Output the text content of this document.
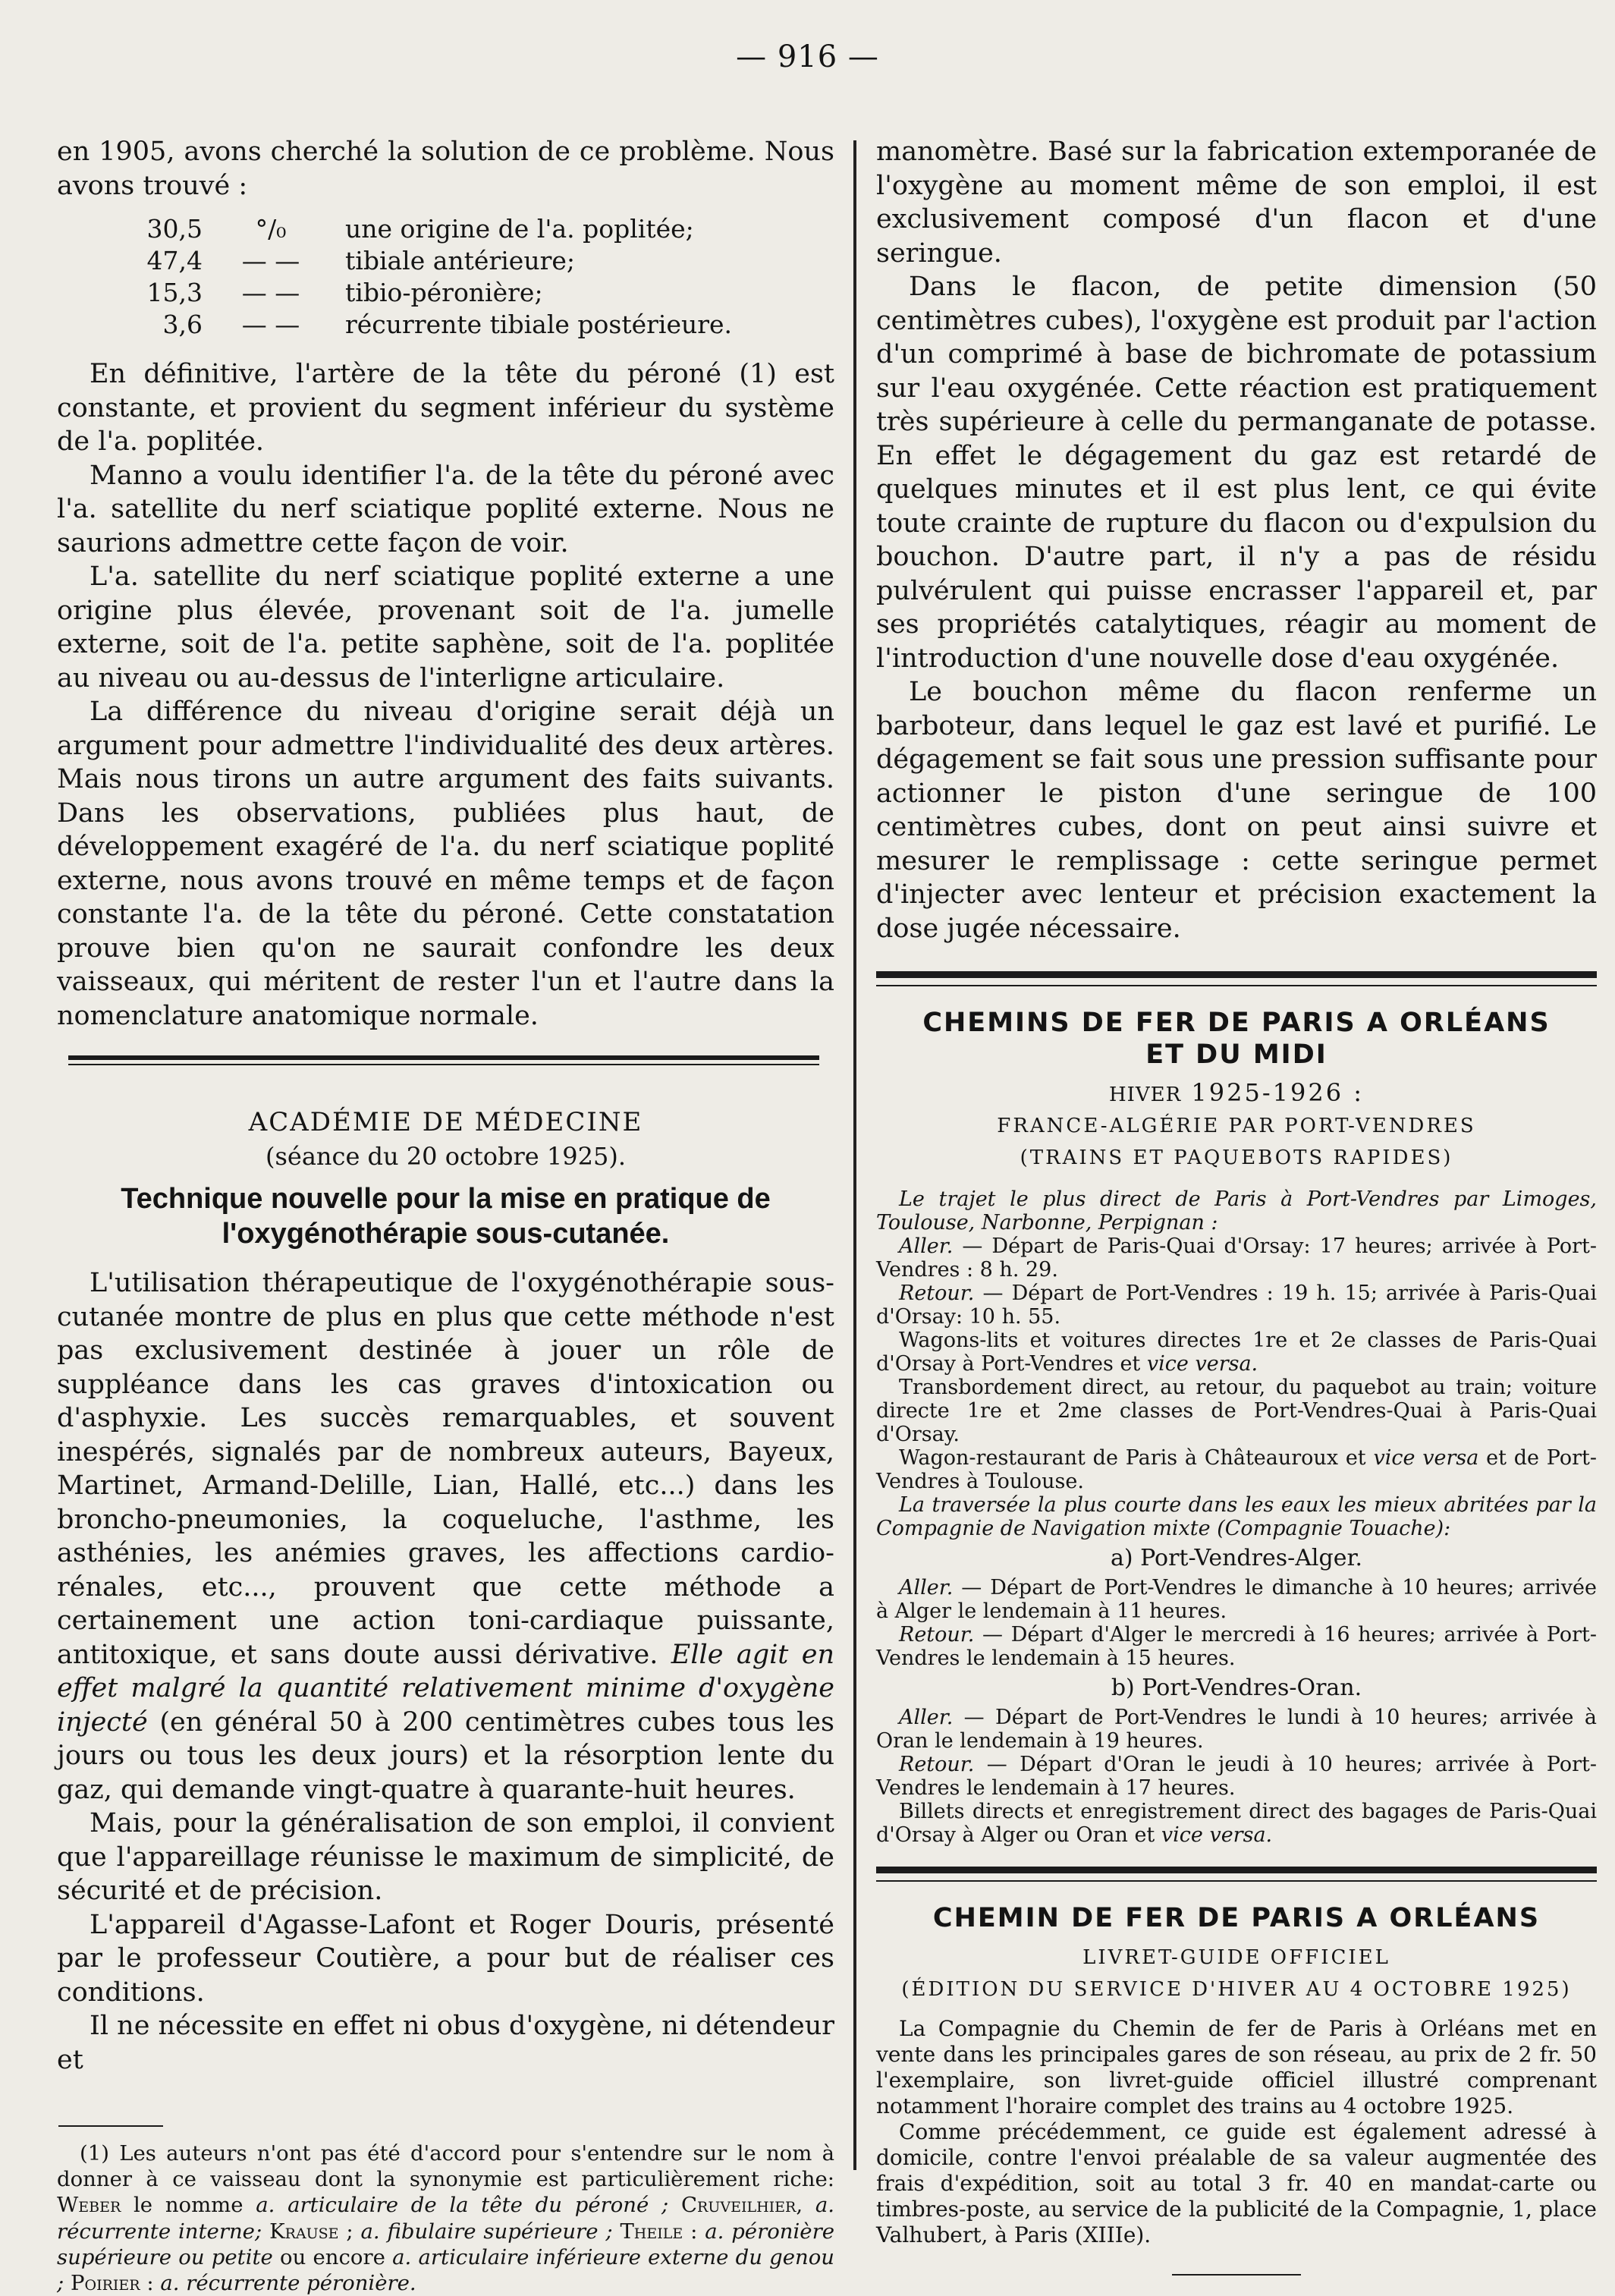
— 916 —

en 1905, avons cherché la solution de ce problème. Nous avons trouvé :

30,5	°/₀	une origine de l'a. poplitée;
47,4	— —	tibiale antérieure;
15,3	— —	tibio-péronière;
3,6	— —	récurrente tibiale postérieure.

En définitive, l'artère de la tête du péroné (1) est constante, et provient du segment inférieur du système de l'a. poplitée.

Manno a voulu identifier l'a. de la tête du péroné avec l'a. satellite du nerf sciatique poplité externe. Nous ne saurions admettre cette façon de voir.

L'a. satellite du nerf sciatique poplité externe a une origine plus élevée, provenant soit de l'a. jumelle externe, soit de l'a. petite saphène, soit de l'a. poplitée au niveau ou au-dessus de l'interligne articulaire.

La différence du niveau d'origine serait déjà un argument pour admettre l'individualité des deux artères. Mais nous tirons un autre argument des faits suivants. Dans les observations, publiées plus haut, de développement exagéré de l'a. du nerf sciatique poplité externe, nous avons trouvé en même temps et de façon constante l'a. de la tête du péroné. Cette constatation prouve bien qu'on ne saurait confondre les deux vaisseaux, qui méritent de rester l'un et l'autre dans la nomenclature anatomique normale.

ACADÉMIE DE MÉDECINE

(séance du 20 octobre 1925).

Technique nouvelle pour la mise en pratique de l'oxygénothérapie sous-cutanée.

L'utilisation thérapeutique de l'oxygénothérapie sous-cutanée montre de plus en plus que cette méthode n'est pas exclusivement destinée à jouer un rôle de suppléance dans les cas graves d'intoxication ou d'asphyxie. Les succès remarquables, et souvent inespérés, signalés par de nombreux auteurs, Bayeux, Martinet, Armand-Delille, Lian, Hallé, etc...) dans les broncho-pneumonies, la coqueluche, l'asthme, les asthénies, les anémies graves, les affections cardio-rénales, etc..., prouvent que cette méthode a certainement une action toni-cardiaque puissante, antitoxique, et sans doute aussi dérivative. Elle agit en effet malgré la quantité relativement minime d'oxygène injecté (en général 50 à 200 centimètres cubes tous les jours ou tous les deux jours) et la résorption lente du gaz, qui demande vingt-quatre à quarante-huit heures.

Mais, pour la généralisation de son emploi, il convient que l'appareillage réunisse le maximum de simplicité, de sécurité et de précision.

L'appareil d'Agasse-Lafont et Roger Douris, présenté par le professeur Coutière, a pour but de réaliser ces conditions.

Il ne nécessite en effet ni obus d'oxygène, ni détendeur et

(1) Les auteurs n'ont pas été d'accord pour s'entendre sur le nom à donner à ce vaisseau dont la synonymie est particulièrement riche: Weber le nomme a. articulaire de la tête du péroné ; Cruveilhier, a. récurrente interne; Krause ; a. fibulaire supérieure ; Theile : a. péronière supérieure ou petite ou encore a. articulaire inférieure externe du genou ; Poirier : a. récurrente péronière.

manomètre. Basé sur la fabrication extemporanée de l'oxygène au moment même de son emploi, il est exclusivement composé d'un flacon et d'une seringue.

Dans le flacon, de petite dimension (50 centimètres cubes), l'oxygène est produit par l'action d'un comprimé à base de bichromate de potassium sur l'eau oxygénée. Cette réaction est pratiquement très supérieure à celle du permanganate de potasse. En effet le dégagement du gaz est retardé de quelques minutes et il est plus lent, ce qui évite toute crainte de rupture du flacon ou d'expulsion du bouchon. D'autre part, il n'y a pas de résidu pulvérulent qui puisse encrasser l'appareil et, par ses propriétés catalytiques, réagir au moment de l'introduction d'une nouvelle dose d'eau oxygénée.

Le bouchon même du flacon renferme un barboteur, dans lequel le gaz est lavé et purifié. Le dégagement se fait sous une pression suffisante pour actionner le piston d'une seringue de 100 centimètres cubes, dont on peut ainsi suivre et mesurer le remplissage : cette seringue permet d'injecter avec lenteur et précision exactement la dose jugée nécessaire.

CHEMINS DE FER DE PARIS A ORLÉANS

ET DU MIDI

HIVER 1925-1926 :

FRANCE-ALGÉRIE PAR PORT-VENDRES

(TRAINS ET PAQUEBOTS RAPIDES)

Le trajet le plus direct de Paris à Port-Vendres par Limoges, Toulouse, Narbonne, Perpignan :

Aller. — Départ de Paris-Quai d'Orsay: 17 heures; arrivée à Port-Vendres : 8 h. 29.

Retour. — Départ de Port-Vendres : 19 h. 15; arrivée à Paris-Quai d'Orsay: 10 h. 55.

Wagons-lits et voitures directes 1re et 2e classes de Paris-Quai d'Orsay à Port-Vendres et vice versa.

Transbordement direct, au retour, du paquebot au train; voiture directe 1re et 2me classes de Port-Vendres-Quai à Paris-Quai d'Orsay.

Wagon-restaurant de Paris à Châteauroux et vice versa et de Port-Vendres à Toulouse.

La traversée la plus courte dans les eaux les mieux abritées par la Compagnie de Navigation mixte (Compagnie Touache):

a) Port-Vendres-Alger.

Aller. — Départ de Port-Vendres le dimanche à 10 heures; arrivée à Alger le lendemain à 11 heures.

Retour. — Départ d'Alger le mercredi à 16 heures; arrivée à Port-Vendres le lendemain à 15 heures.

b) Port-Vendres-Oran.

Aller. — Départ de Port-Vendres le lundi à 10 heures; arrivée à Oran le lendemain à 19 heures.

Retour. — Départ d'Oran le jeudi à 10 heures; arrivée à Port-Vendres le lendemain à 17 heures.

Billets directs et enregistrement direct des bagages de Paris-Quai d'Orsay à Alger ou Oran et vice versa.

CHEMIN DE FER DE PARIS A ORLÉANS

LIVRET-GUIDE OFFICIEL

(ÉDITION DU SERVICE D'HIVER AU 4 OCTOBRE 1925)

La Compagnie du Chemin de fer de Paris à Orléans met en vente dans les principales gares de son réseau, au prix de 2 fr. 50 l'exemplaire, son livret-guide officiel illustré comprenant notamment l'horaire complet des trains au 4 octobre 1925.

Comme précédemment, ce guide est également adressé à domicile, contre l'envoi préalable de sa valeur augmentée des frais d'expédition, soit au total 3 fr. 40 en mandat-carte ou timbres-poste, au service de la publicité de la Compagnie, 1, place Valhubert, à Paris (XIIIe).
